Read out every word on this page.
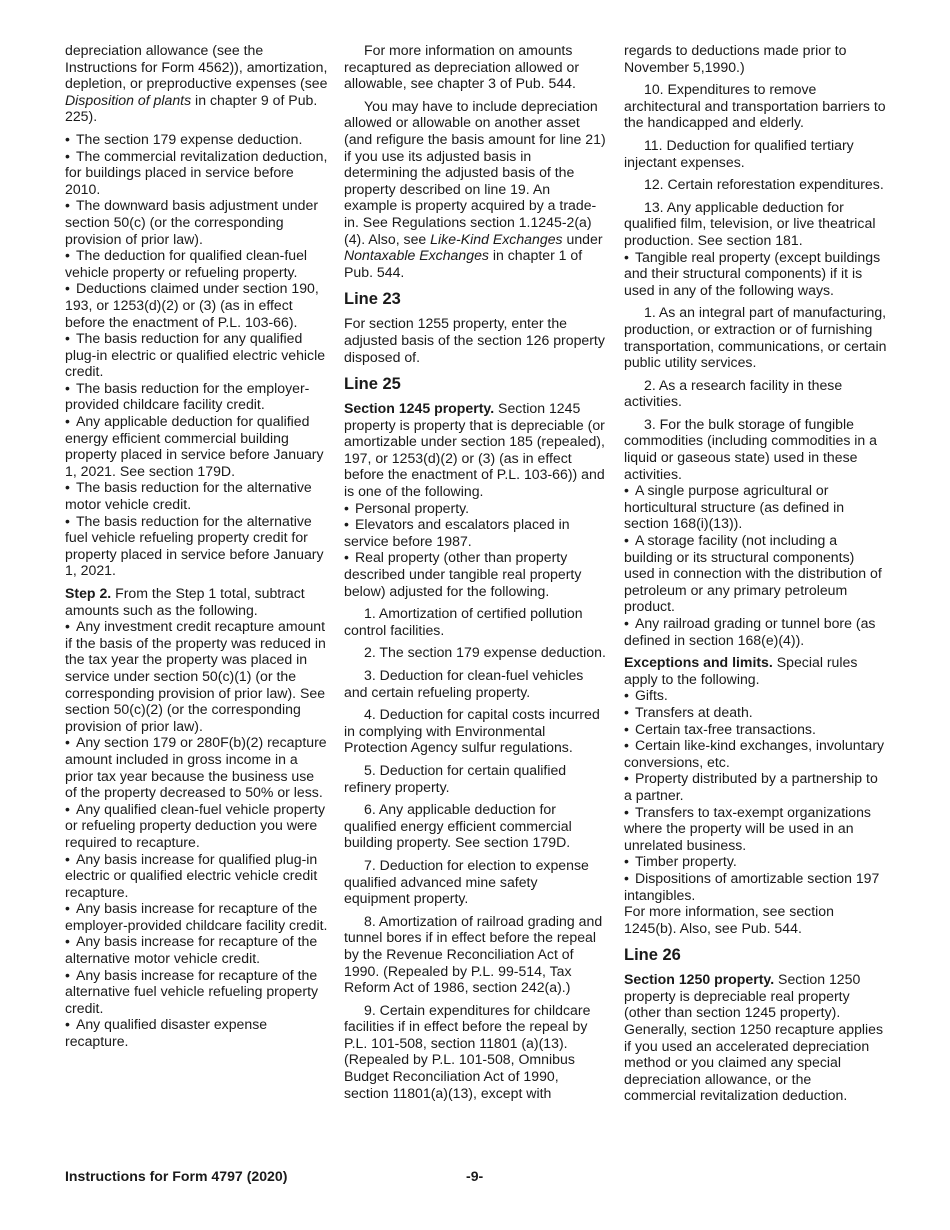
depreciation allowance (see the Instructions for Form 4562)), amortization, depletion, or preproductive expenses (see Disposition of plants in chapter 9 of Pub. 225).

• The section 179 expense deduction.
• The commercial revitalization deduction, for buildings placed in service before 2010.
• The downward basis adjustment under section 50(c) (or the corresponding provision of prior law).
• The deduction for qualified clean-fuel vehicle property or refueling property.
• Deductions claimed under section 190, 193, or 1253(d)(2) or (3) (as in effect before the enactment of P.L. 103-66).
• The basis reduction for any qualified plug-in electric or qualified electric vehicle credit.
• The basis reduction for the employer-provided childcare facility credit.
• Any applicable deduction for qualified energy efficient commercial building property placed in service before January 1, 2021. See section 179D.
• The basis reduction for the alternative motor vehicle credit.
• The basis reduction for the alternative fuel vehicle refueling property credit for property placed in service before January 1, 2021.

Step 2. From the Step 1 total, subtract amounts such as the following.

• Any investment credit recapture amount if the basis of the property was reduced in the tax year the property was placed in service under section 50(c)(1) (or the corresponding provision of prior law). See section 50(c)(2) (or the corresponding provision of prior law).
• Any section 179 or 280F(b)(2) recapture amount included in gross income in a prior tax year because the business use of the property decreased to 50% or less.
• Any qualified clean-fuel vehicle property or refueling property deduction you were required to recapture.
• Any basis increase for qualified plug-in electric or qualified electric vehicle credit recapture.
• Any basis increase for recapture of the employer-provided childcare facility credit.
• Any basis increase for recapture of the alternative motor vehicle credit.
• Any basis increase for recapture of the alternative fuel vehicle refueling property credit.
• Any qualified disaster expense recapture.

For more information on amounts recaptured as depreciation allowed or allowable, see chapter 3 of Pub. 544.

You may have to include depreciation allowed or allowable on another asset (and refigure the basis amount for line 21) if you use its adjusted basis in determining the adjusted basis of the property described on line 19. An example is property acquired by a trade-in. See Regulations section 1.1245-2(a)(4). Also, see Like-Kind Exchanges under Nontaxable Exchanges in chapter 1 of Pub. 544.

Line 23

For section 1255 property, enter the adjusted basis of the section 126 property disposed of.

Line 25

Section 1245 property. Section 1245 property is property that is depreciable (or amortizable under section 185 (repealed), 197, or 1253(d)(2) or (3) (as in effect before the enactment of P.L. 103-66)) and is one of the following.

• Personal property.
• Elevators and escalators placed in service before 1987.
• Real property (other than property described under tangible real property below) adjusted for the following.

1. Amortization of certified pollution control facilities.

2. The section 179 expense deduction.

3. Deduction for clean-fuel vehicles and certain refueling property.

4. Deduction for capital costs incurred in complying with Environmental Protection Agency sulfur regulations.

5. Deduction for certain qualified refinery property.

6. Any applicable deduction for qualified energy efficient commercial building property. See section 179D.

7. Deduction for election to expense qualified advanced mine safety equipment property.

8. Amortization of railroad grading and tunnel bores if in effect before the repeal by the Revenue Reconciliation Act of 1990. (Repealed by P.L. 99-514, Tax Reform Act of 1986, section 242(a).)

9. Certain expenditures for childcare facilities if in effect before the repeal by P.L. 101-508, section 11801 (a)(13). (Repealed by P.L. 101-508, Omnibus Budget Reconciliation Act of 1990, section 11801(a)(13), except with

regards to deductions made prior to November 5,1990.)

10. Expenditures to remove architectural and transportation barriers to the handicapped and elderly.

11. Deduction for qualified tertiary injectant expenses.

12. Certain reforestation expenditures.

13. Any applicable deduction for qualified film, television, or live theatrical production. See section 181.

• Tangible real property (except buildings and their structural components) if it is used in any of the following ways.

1. As an integral part of manufacturing, production, or extraction or of furnishing transportation, communications, or certain public utility services.

2. As a research facility in these activities.

3. For the bulk storage of fungible commodities (including commodities in a liquid or gaseous state) used in these activities.

• A single purpose agricultural or horticultural structure (as defined in section 168(i)(13)).
• A storage facility (not including a building or its structural components) used in connection with the distribution of petroleum or any primary petroleum product.
• Any railroad grading or tunnel bore (as defined in section 168(e)(4)).

Exceptions and limits. Special rules apply to the following.

• Gifts.
• Transfers at death.
• Certain tax-free transactions.
• Certain like-kind exchanges, involuntary conversions, etc.
• Property distributed by a partnership to a partner.
• Transfers to tax-exempt organizations where the property will be used in an unrelated business.
• Timber property.
• Dispositions of amortizable section 197 intangibles.

For more information, see section 1245(b). Also, see Pub. 544.

Line 26

Section 1250 property. Section 1250 property is depreciable real property (other than section 1245 property). Generally, section 1250 recapture applies if you used an accelerated depreciation method or you claimed any special depreciation allowance, or the commercial revitalization deduction.

Instructions for Form 4797 (2020)	-9-
